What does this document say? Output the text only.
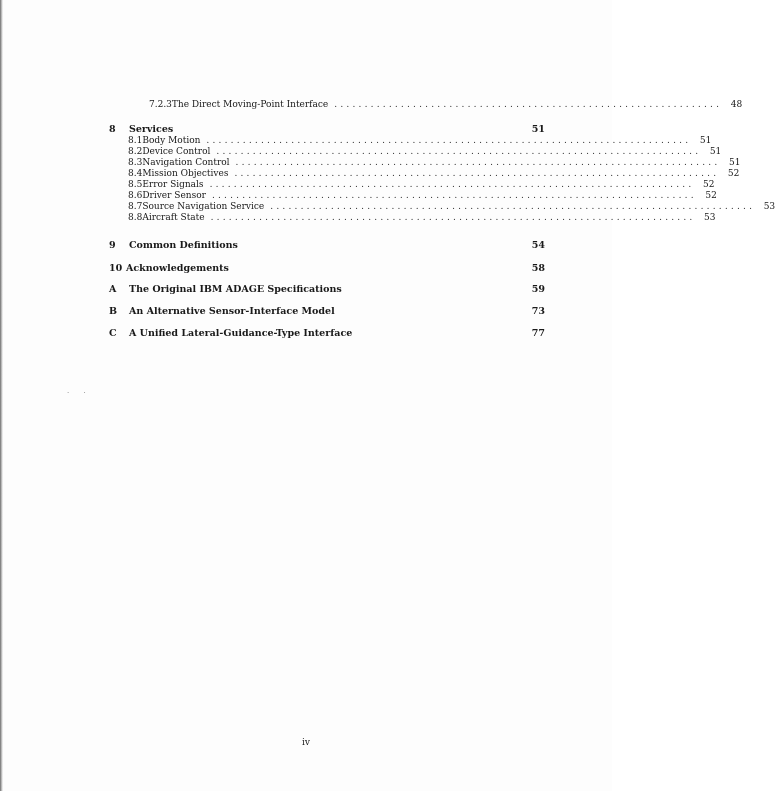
7.2.3 The Direct Moving-Point Interface ................................................................ 48
8	Services	51
8.1 Body Motion ................................................................................ 51
8.2 Device Control ................................................................................ 51
8.3 Navigation Control ................................................................................ 51
8.4 Mission Objectives ................................................................................ 52
8.5 Error Signals ................................................................................ 52
8.6 Driver Sensor ................................................................................ 52
8.7 Source Navigation Service ................................................................................ 53
8.8 Aircraft State ................................................................................ 53
9	Common Definitions	54
10 Acknowledgements	58
A	The Original IBM ADAGE Specifications	59
B	An Alternative Sensor-Interface Model	73
C	A Unified Lateral-Guidance-Type Interface	77
. .
iv
